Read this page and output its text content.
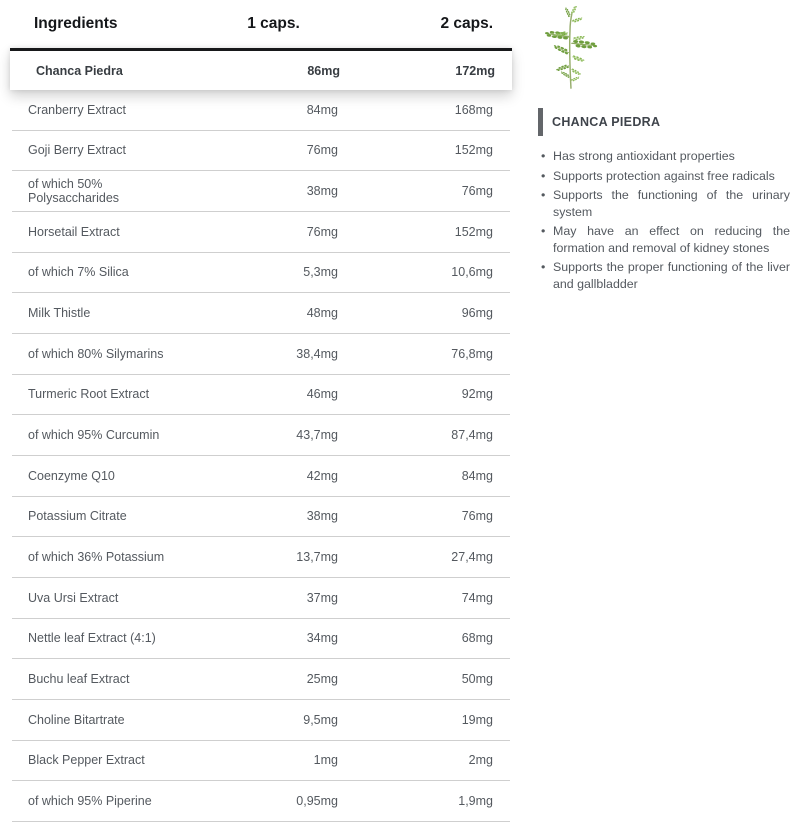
Ingredients	1 caps.	2 caps.
Chanca Piedra	86mg	172mg
Cranberry Extract	84mg	168mg
Goji Berry Extract	76mg	152mg
of which 50% Polysaccharides	38mg	76mg
Horsetail Extract	76mg	152mg
of which 7% Silica	5,3mg	10,6mg
Milk Thistle	48mg	96mg
of which 80% Silymarins	38,4mg	76,8mg
Turmeric Root Extract	46mg	92mg
of which 95% Curcumin	43,7mg	87,4mg
Coenzyme Q10	42mg	84mg
Potassium Citrate	38mg	76mg
of which 36% Potassium	13,7mg	27,4mg
Uva Ursi Extract	37mg	74mg
Nettle leaf Extract (4:1)	34mg	68mg
Buchu leaf Extract	25mg	50mg
Choline Bitartrate	9,5mg	19mg
Black Pepper Extract	1mg	2mg
of which 95% Piperine	0,95mg	1,9mg
CHANCA PIEDRA
• Has strong antioxidant properties
• Supports protection against free radicals
• Supports the functioning of the urinary system
• May have an effect on reducing the formation and removal of kidney stones
• Supports the proper functioning of the liver and gallbladder
